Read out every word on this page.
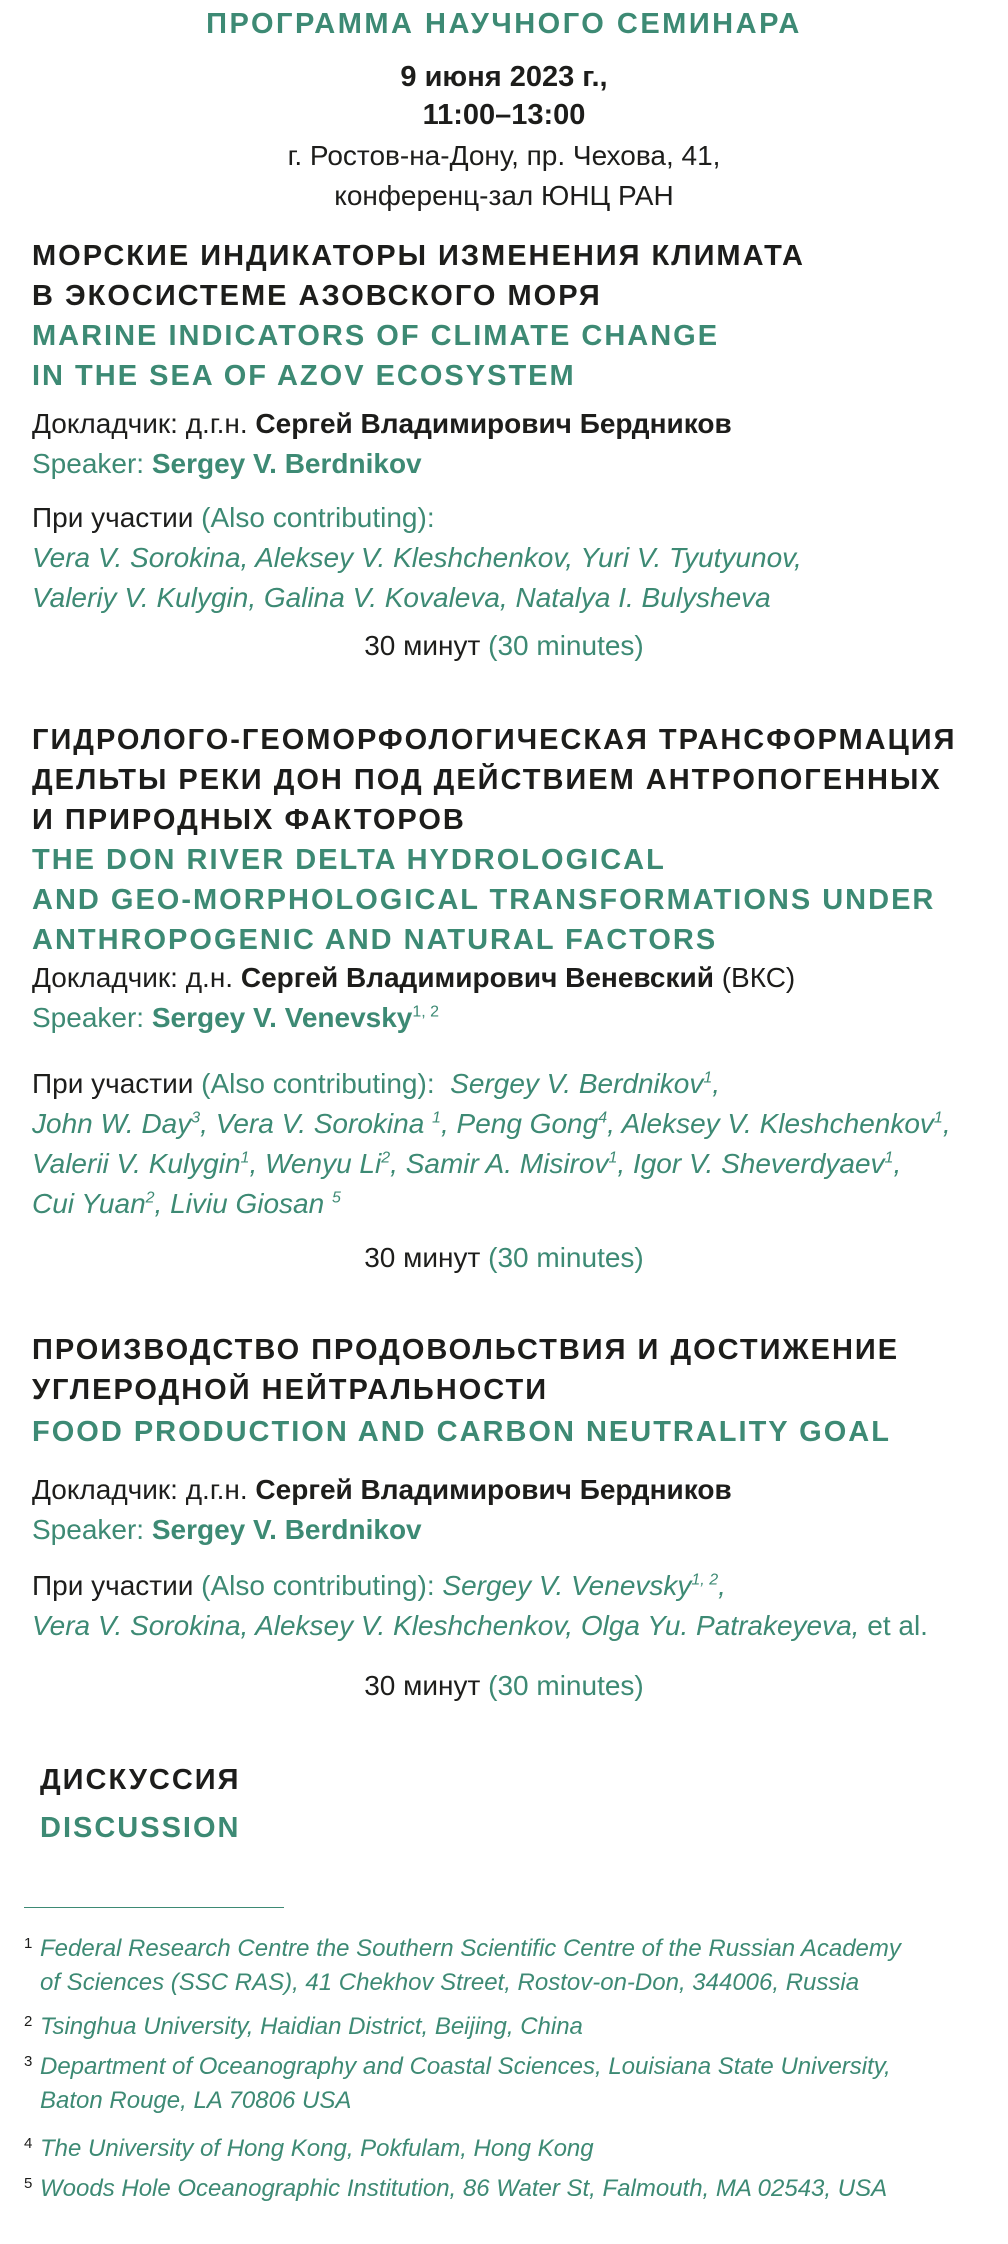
ПРОГРАММА НАУЧНОГО СЕМИНАРА

9 июня 2023 г.,
11:00–13:00
г. Ростов-на-Дону, пр. Чехова, 41,
конференц-зал ЮНЦ РАН
МОРСКИЕ ИНДИКАТОРЫ ИЗМЕНЕНИЯ КЛИМАТА
В ЭКОСИСТЕМЕ АЗОВСКОГО МОРЯ
MARINE INDICATORS OF CLIMATE CHANGE
IN THE SEA OF AZOV ECOSYSTEM

Докладчик: д.г.н. Сергей Владимирович Бердников

Speaker: Sergey V. Berdnikov

При участии (Also contributing):

Vera V. Sorokina, Aleksey V. Kleshchenkov, Yuri V. Tyutyunov,

Valeriy V. Kulygin, Galina V. Kovaleva, Natalya I. Bulysheva

30 минут (30 minutes)

ГИДРОЛОГО-ГЕОМОРФОЛОГИЧЕСКАЯ ТРАНСФОРМАЦИЯ
ДЕЛЬТЫ РЕКИ ДОН ПОД ДЕЙСТВИЕМ АНТРОПОГЕННЫХ
И ПРИРОДНЫХ ФАКТОРОВ
THE DON RIVER DELTA HYDROLOGICAL
AND GEO-MORPHOLOGICAL TRANSFORMATIONS UNDER
ANTHROPOGENIC AND NATURAL FACTORS

Докладчик: д.н. Сергей Владимирович Веневский (ВКС)

Speaker: Sergey V. Venevsky$^{1, 2}$

При участии (Also contributing): Sergey V. Berdnikov$^1$,

John W. Day$^3$, Vera V. Sorokina $^1$, Peng Gong$^4$, Aleksey V. Kleshchenkov$^1$,

Valerii V. Kulygin$^1$, Wenyu Li$^2$, Samir A. Misirov$^1$, Igor V. Sheverdyaev$^1$,

Cui Yuan$^2$, Liviu Giosan $^5$

30 минут (30 minutes)

ПРОИЗВОДСТВО ПРОДОВОЛЬСТВИЯ И ДОСТИЖЕНИЕ
УГЛЕРОДНОЙ НЕЙТРАЛЬНОСТИ
FOOD PRODUCTION AND CARBON NEUTRALITY GOAL

Докладчик: д.г.н. Сергей Владимирович Бердников

Speaker: Sergey V. Berdnikov

При участии (Also contributing): Sergey V. Venevsky$^{1, 2}$,

Vera V. Sorokina, Aleksey V. Kleshchenkov, Olga Yu. Patrakeyeva, et al.

30 минут (30 minutes)

ДИСКУССИЯ

DISCUSSION

1 Federal Research Centre the Southern Scientific Centre of the Russian Academy
of Sciences (SSC RAS), 41 Chekhov Street, Rostov-on-Don, 344006, Russia
2 Tsinghua University, Haidian District, Beijing, China
3 Department of Oceanography and Coastal Sciences, Louisiana State University,
Baton Rouge, LA 70806 USA
4 The University of Hong Kong, Pokfulam, Hong Kong
5 Woods Hole Oceanographic Institution, 86 Water St, Falmouth, MA 02543, USA
